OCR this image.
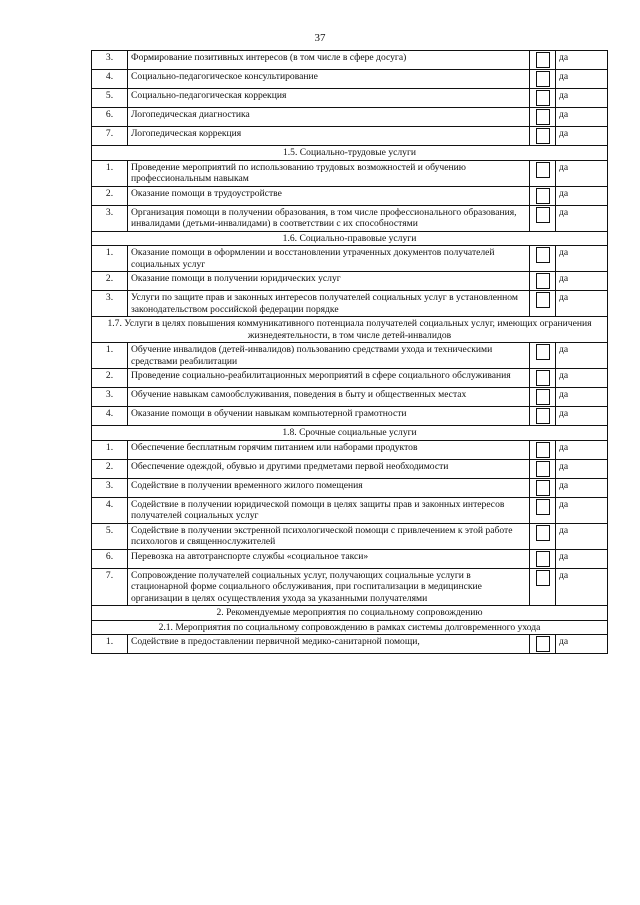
37
3.	Формирование позитивных интересов (в том числе в сфере досуга)		да
4.	Социально-педагогическое консультирование		да
5.	Социально-педагогическая коррекция		да
6.	Логопедическая диагностика		да
7.	Логопедическая коррекция		да
1.5. Социально-трудовые услуги			
1.	Проведение мероприятий по использованию трудовых возможностей и обучению профессиональным навыкам		да
2.	Оказание помощи в трудоустройстве		да
3.	Организация помощи в получении образования, в том числе профессионального образования, инвалидами (детьми-инвалидами) в соответствии с их способностями		да
1.6. Социально-правовые услуги			
1.	Оказание помощи в оформлении и восстановлении утраченных документов получателей социальных услуг		да
2.	Оказание помощи в получении юридических услуг		да
3.	Услуги по защите прав и законных интересов получателей социальных услуг в установленном законодательством российской федерации порядке		да
1.7. Услуги в целях повышения коммуникативного потенциала получателей социальных услуг, имеющих ограничения жизнедеятельности, в том числе детей-инвалидов			
1.	Обучение инвалидов (детей-инвалидов) пользованию средствами ухода и техническими средствами реабилитации		да
2.	Проведение социально-реабилитационных мероприятий в сфере социального обслуживания		да
3.	Обучение навыкам самообслуживания, поведения в быту и общественных местах		да
4.	Оказание помощи в обучении навыкам компьютерной грамотности		да
1.8. Срочные социальные услуги			
1.	Обеспечение бесплатным горячим питанием или наборами продуктов		да
2.	Обеспечение одеждой, обувью и другими предметами первой необходимости		да
3.	Содействие в получении временного жилого помещения		да
4.	Содействие в получении юридической помощи в целях защиты прав и законных интересов получателей социальных услуг		да
5.	Содействие в получении экстренной психологической помощи с привлечением к этой работе психологов и священнослужителей		да
6.	Перевозка на автотранспорте службы «социальное такси»		да
7.	Сопровождение получателей социальных услуг, получающих социальные услуги в стационарной форме социального обслуживания, при госпитализации в медицинские организации в целях осуществления ухода за указанными получателями		да
2. Рекомендуемые мероприятия по социальному сопровождению			
2.1. Мероприятия по социальному сопровождению в рамках системы долговременного ухода			
1.	Содействие в предоставлении первичной медико-санитарной помощи,		да
